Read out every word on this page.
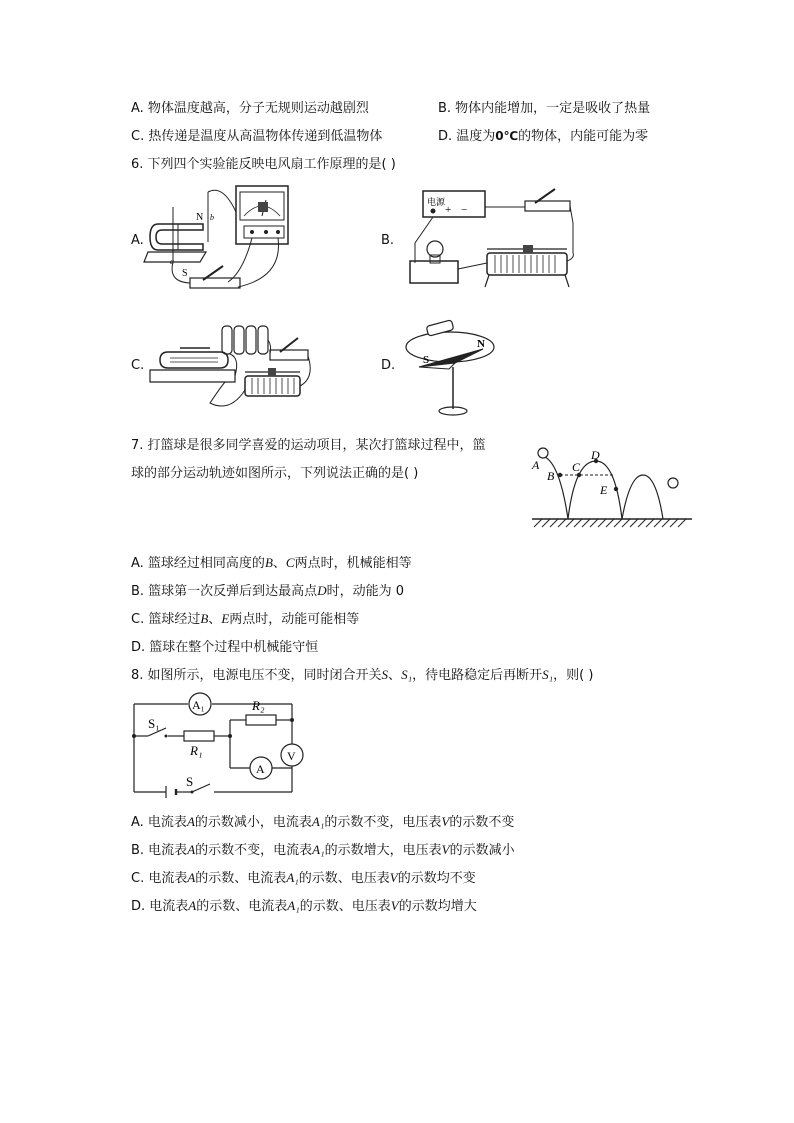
A. 物体温度越高，分子无规则运动越剧烈	B. 物体内能增加，一定是吸收了热量
C. 热传递是温度从高温物体传递到低温物体	D. 温度为0℃的物体，内能可能为零
6. 下列四个实验能反映电风扇工作原理的是( )
A.
N
S
a
b
B.
电源
+ −
C.	D.	S
N
7. 打篮球是很多同学喜爱的运动项目，某次打篮球过程中，篮
球的部分运动轨迹如图所示，下列说法正确的是( )
A
B
C
D
E
A. 篮球经过相同高度的B、C两点时，机械能相等
B. 篮球第一次反弹后到达最高点D时，动能为 0
C. 篮球经过B、E两点时，动能可能相等
D. 篮球在整个过程中机械能守恒
8. 如图所示，电源电压不变，同时闭合开关S、S₁，待电路稳定后再断开S₁，则( )
A₁
S₁
R₂
R₁	V
A
S
A. 电流表A的示数减小，电流表A₁的示数不变，电压表V的示数不变
B. 电流表A的示数不变，电流表A₁的示数增大，电压表V的示数减小
C. 电流表A的示数、电流表A₁的示数、电压表V的示数均不变
D. 电流表A的示数、电流表A₁的示数、电压表V的示数均增大
